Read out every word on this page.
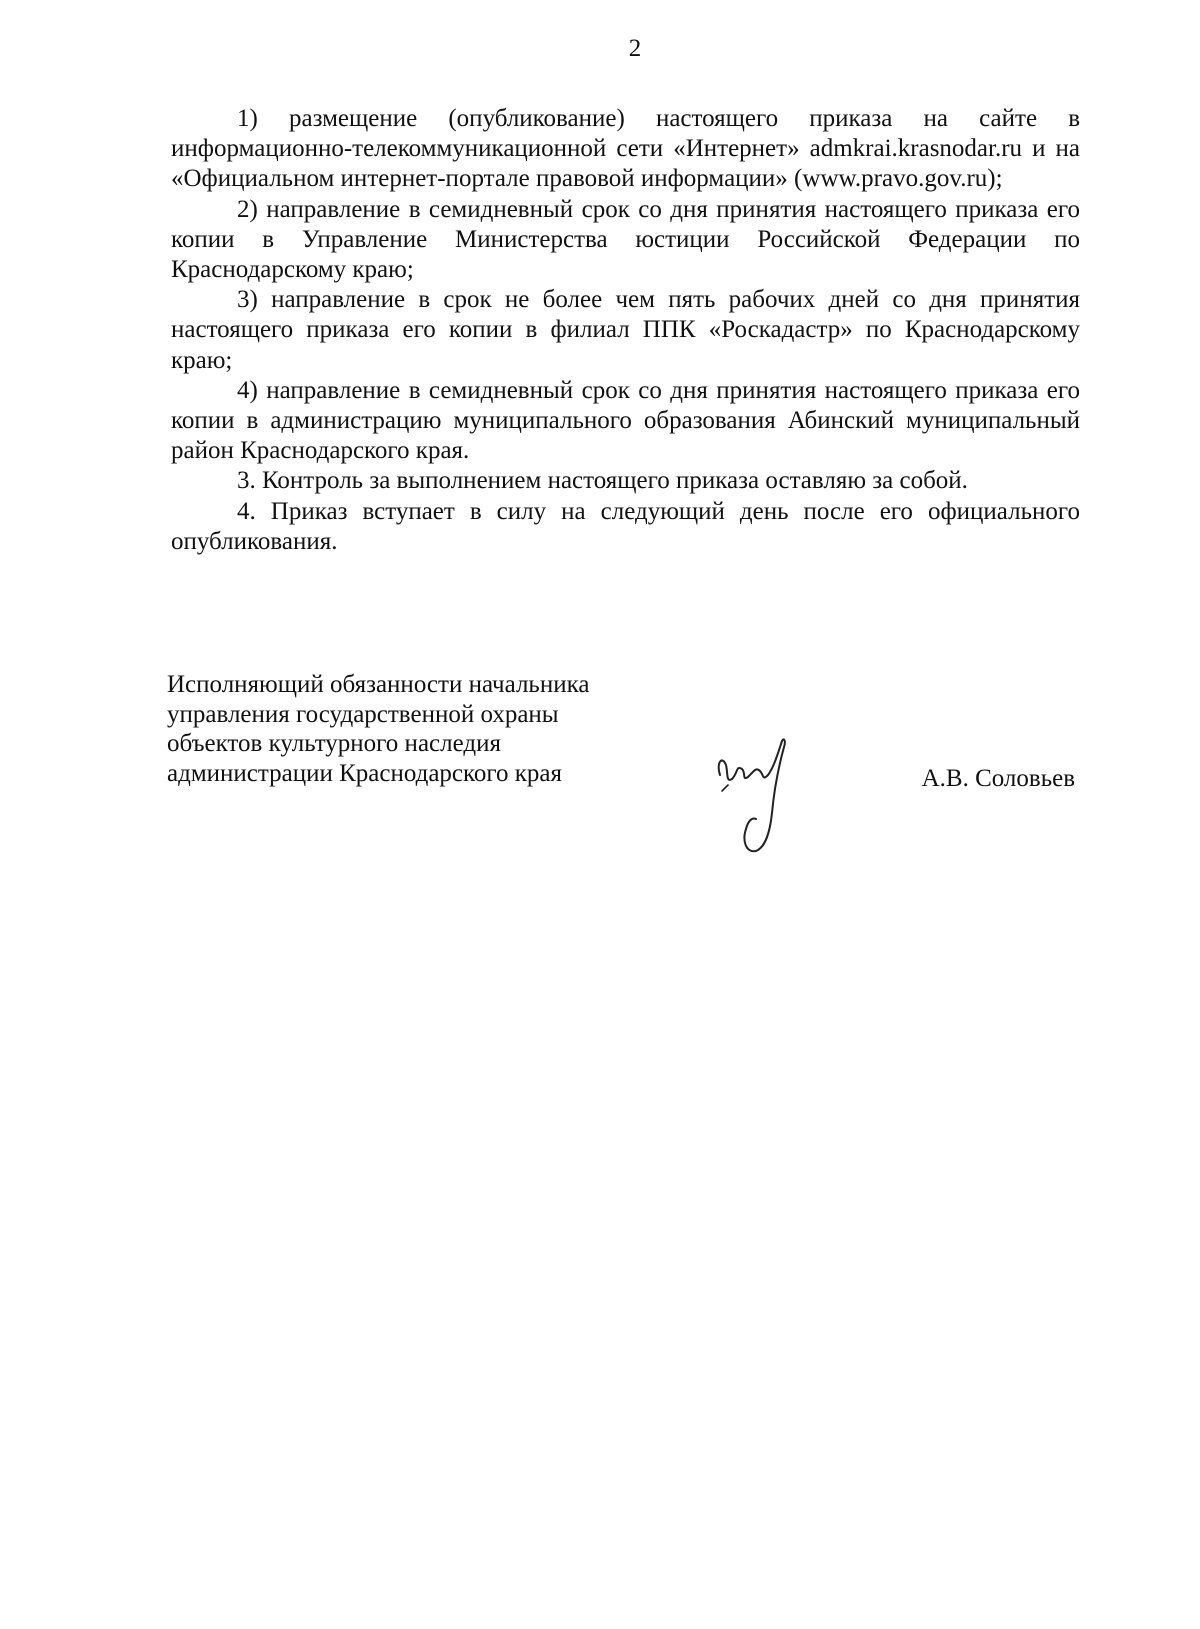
2

1) размещение (опубликование) настоящего приказа на сайте в информационно-телекоммуникационной сети «Интернет» admkrai.krasnodar.ru и на «Официальном интернет-портале правовой информации» (www.pravo.gov.ru);

2) направление в семидневный срок со дня принятия настоящего приказа его копии в Управление Министерства юстиции Российской Федерации по Краснодарскому краю;

3) направление в срок не более чем пять рабочих дней со дня принятия настоящего приказа его копии в филиал ППК «Роскадастр» по Краснодарскому краю;

4) направление в семидневный срок со дня принятия настоящего приказа его копии в администрацию муниципального образования Абинский муниципальный район Краснодарского края.

3. Контроль за выполнением настоящего приказа оставляю за собой.

4. Приказ вступает в силу на следующий день после его официального опубликования.

Исполняющий обязанности начальника
управления государственной охраны
объектов культурного наследия
администрации Краснодарского края	А.В. Соловьев
